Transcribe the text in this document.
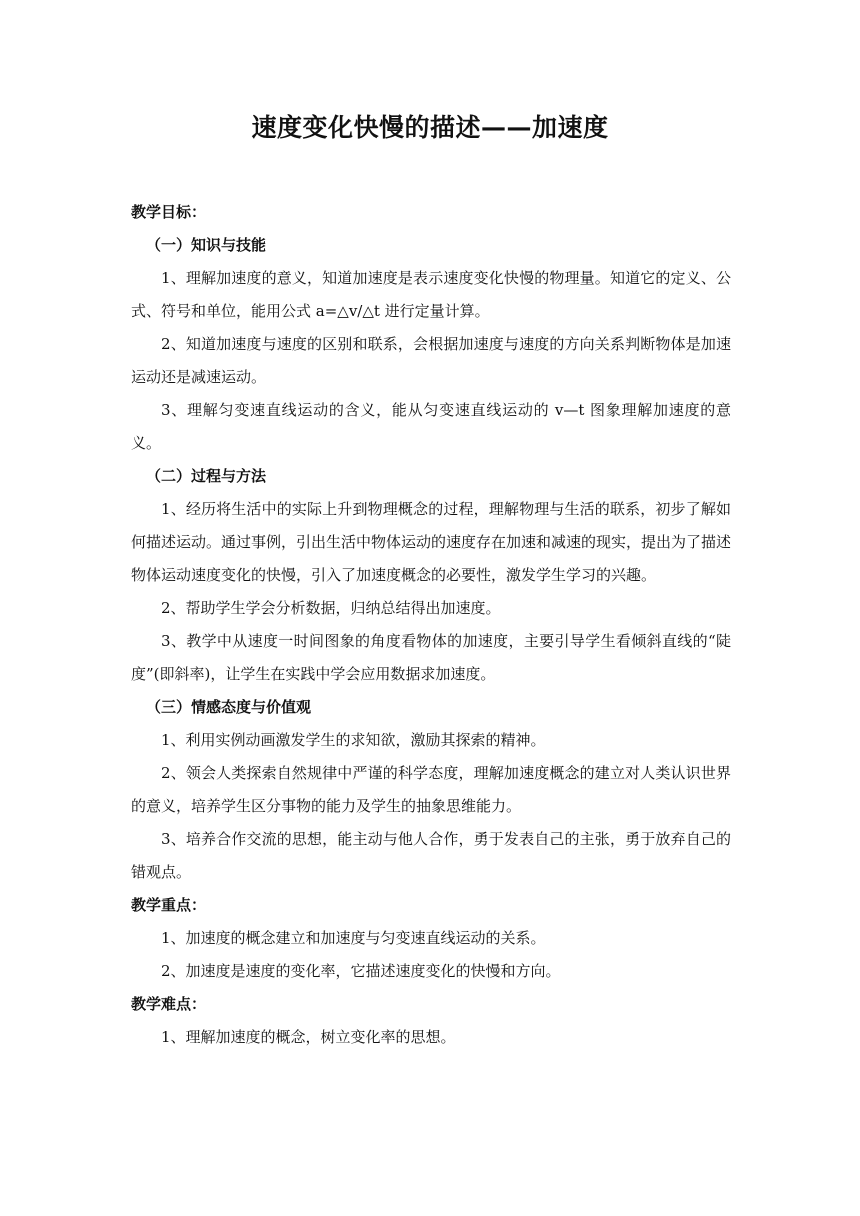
速度变化快慢的描述——加速度

教学目标：

（一）知识与技能

1、理解加速度的意义，知道加速度是表示速度变化快慢的物理量。知道它的定义、公式、符号和单位，能用公式 a=△v/△t 进行定量计算。

2、知道加速度与速度的区别和联系，会根据加速度与速度的方向关系判断物体是加速运动还是减速运动。

3、理解匀变速直线运动的含义，能从匀变速直线运动的 v—t 图象理解加速度的意义。

（二）过程与方法

1、经历将生活中的实际上升到物理概念的过程，理解物理与生活的联系，初步了解如何描述运动。通过事例，引出生活中物体运动的速度存在加速和减速的现实，提出为了描述物体运动速度变化的快慢，引入了加速度概念的必要性，激发学生学习的兴趣。

2、帮助学生学会分析数据，归纳总结得出加速度。

3、教学中从速度一时间图象的角度看物体的加速度，主要引导学生看倾斜直线的“陡度”(即斜率)，让学生在实践中学会应用数据求加速度。

（三）情感态度与价值观

1、利用实例动画激发学生的求知欲，激励其探索的精神。

2、领会人类探索自然规律中严谨的科学态度，理解加速度概念的建立对人类认识世界的意义，培养学生区分事物的能力及学生的抽象思维能力。

3、培养合作交流的思想，能主动与他人合作，勇于发表自己的主张，勇于放弃自己的错观点。

教学重点：

1、加速度的概念建立和加速度与匀变速直线运动的关系。

2、加速度是速度的变化率，它描述速度变化的快慢和方向。

教学难点：

1、理解加速度的概念，树立变化率的思想。
